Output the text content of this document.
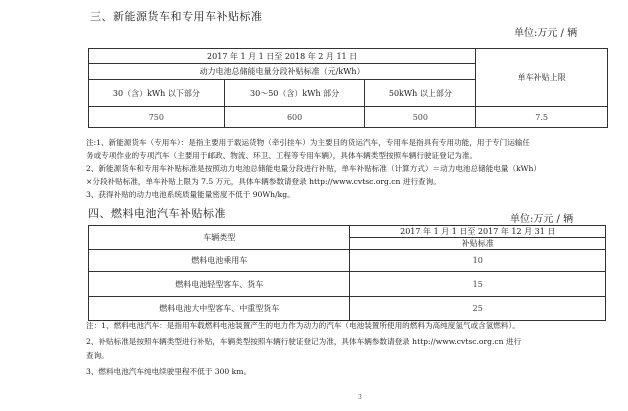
三、新能源货车和专用车补贴标准
单位:万元 / 辆
2017 年 1 月 1 日至 2018 年 2 月 11 日			单车补贴上限
动力电池总储能电量分段补贴标准（元/kWh）			
30（含）kWh 以下部分	30～50（含）kWh 部分	50kWh 以上部分	
750	600	500	7.5
注:1、新能源货车（专用车）：是指主要用于载运货物（牵引挂车）为主要目的货运汽车，专用车是指具有专用功能，用于专门运输任
务或专项作业的专项汽车（主要用于邮政、物流、环卫、工程等专用车辆），具体车辆类型按照车辆行驶证登记为准。
2、新能源货车和专用车补贴标准是按照动力电池总储能电量分段进行补贴，单车补贴标准（计算方式）＝动力电池总储能电量（kWh）
×分段补贴标准，单车补贴上限为 7.5 万元，具体车辆参数请登录 http://www.cvtsc.org.cn 进行查询。
3、获得补贴的动力电池系统质量能量密度不低于 90Wh/kg。
四、燃料电池汽车补贴标准	单位:万元 / 辆
车辆类型	2017 年 1 月 1 日至 2017 年 12 月 31 日
	补贴标准
燃料电池乘用车	10
燃料电池轻型客车、货车	15
燃料电池大中型客车、中重型货车	25
注：1、燃料电池汽车：是指用车载燃料电池装置产生的电力作为动力的汽车（电池装置所使用的燃料为高纯度氢气或含氢燃料）。
2、补贴标准是按照车辆类型进行补贴，车辆类型按照车辆行驶证登记为准，具体车辆参数请登录 http://www.cvtsc.org.cn 进行
查询。
3、燃料电池汽车纯电续驶里程不低于 300 km。
3
